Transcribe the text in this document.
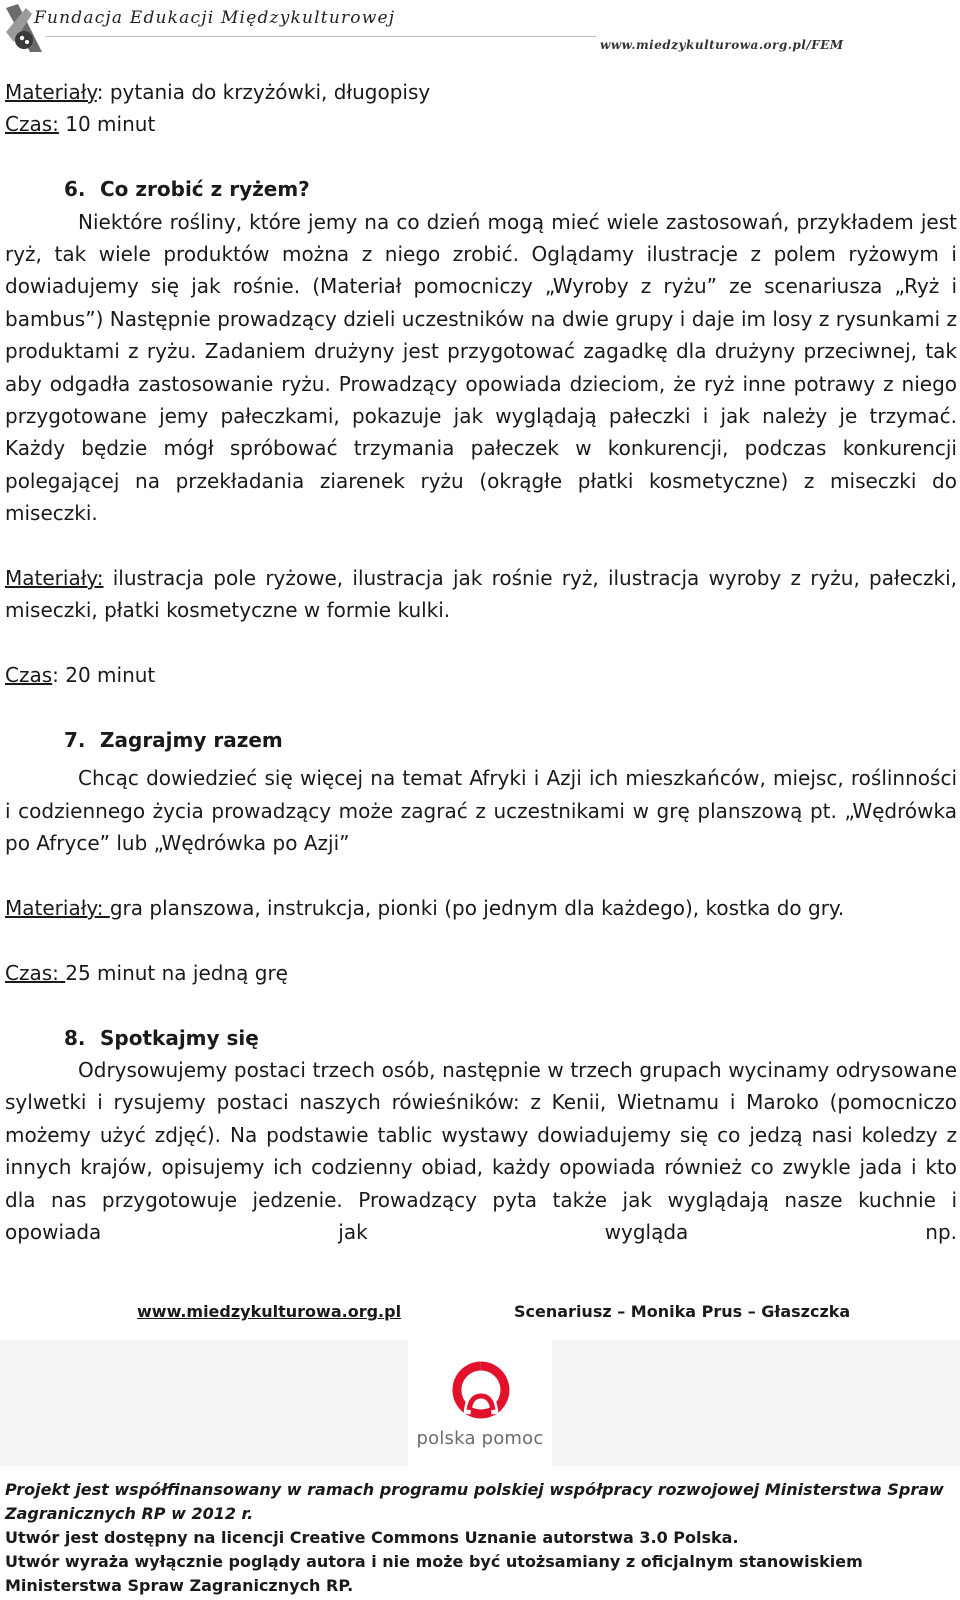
Fundacja Edukacji Międzykulturowej
www.miedzykulturowa.org.pl/FEM

Materiały: pytania do krzyżówki, długopisy

Czas: 10 minut

6. Co zrobić z ryżem?

Niektóre rośliny, które jemy na co dzień mogą mieć wiele zastosowań, przykładem jest ryż, tak wiele produktów można z niego zrobić. Oglądamy ilustracje z polem ryżowym i dowiadujemy się jak rośnie. (Materiał pomocniczy „Wyroby z ryżu” ze scenariusza „Ryż i bambus”) Następnie prowadzący dzieli uczestników na dwie grupy i daje im losy z rysunkami z produktami z ryżu. Zadaniem drużyny jest przygotować zagadkę dla drużyny przeciwnej, tak aby odgadła zastosowanie ryżu. Prowadzący opowiada dzieciom, że ryż inne potrawy z niego przygotowane jemy pałeczkami, pokazuje jak wyglądają pałeczki i jak należy je trzymać. Każdy będzie mógł spróbować trzymania pałeczek w konkurencji, podczas konkurencji polegającej na przekładania ziarenek ryżu (okrągłe płatki kosmetyczne) z miseczki do miseczki.

Materiały: ilustracja pole ryżowe, ilustracja jak rośnie ryż, ilustracja wyroby z ryżu, pałeczki, miseczki, płatki kosmetyczne w formie kulki.

Czas: 20 minut

7. Zagrajmy razem

Chcąc dowiedzieć się więcej na temat Afryki i Azji ich mieszkańców, miejsc, roślinności i codziennego życia prowadzący może zagrać z uczestnikami w grę planszową pt. „Wędrówka po Afryce” lub „Wędrówka po Azji”

Materiały: gra planszowa, instrukcja, pionki (po jednym dla każdego), kostka do gry.

Czas: 25 minut na jedną grę

8. Spotkajmy się

Odrysowujemy postaci trzech osób, następnie w trzech grupach wycinamy odrysowane sylwetki i rysujemy postaci naszych rówieśników: z Kenii, Wietnamu i Maroko (pomocniczo możemy użyć zdjęć). Na podstawie tablic wystawy dowiadujemy się co jedzą nasi koledzy z innych krajów, opisujemy ich codzienny obiad, każdy opowiada również co zwykle jada i kto dla nas przygotowuje jedzenie. Prowadzący pyta także jak wyglądają nasze kuchnie i opowiada jak wygląda np.

www.miedzykulturowa.org.pl	Scenariusz – Monika Prus – Głaszczka
polska pomoc

Projekt jest współfinansowany w ramach programu polskiej współpracy rozwojowej Ministerstwa Spraw Zagranicznych RP w 2012 r.

Utwór jest dostępny na licencji Creative Commons Uznanie autorstwa 3.0 Polska.

Utwór wyraża wyłącznie poglądy autora i nie może być utożsamiany z oficjalnym stanowiskiem Ministerstwa Spraw Zagranicznych RP.
